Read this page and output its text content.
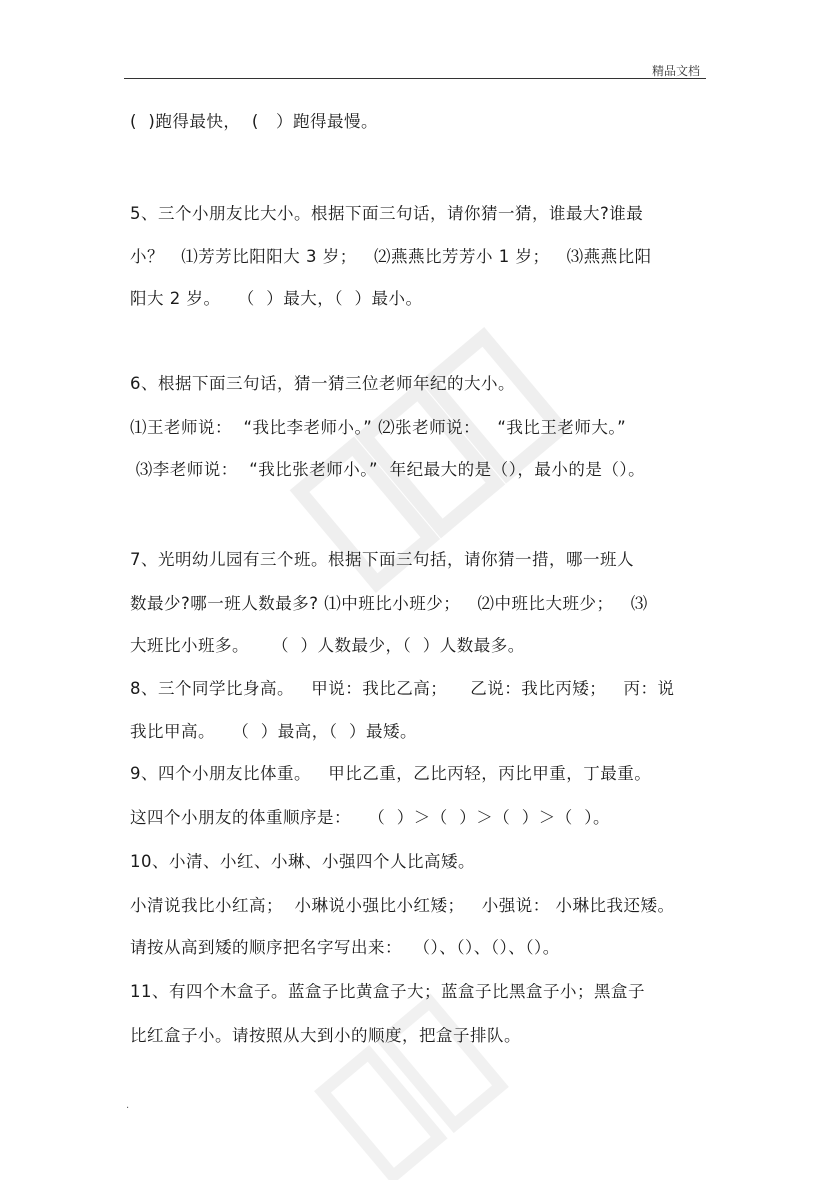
精品文档
(  )跑得最快，  (   ）跑得最慢。
5、三个小朋友比大小。根据下面三句话，请你猜一猜，谁最大?谁最
小？   ⑴芳芳比阳阳大 3 岁；   ⑵燕燕比芳芳小 1 岁；   ⑶燕燕比阳
阳大 2 岁。   （  ）最大，（  ）最小。
6、根据下面三句话，猜一猜三位老师年纪的大小。
⑴王老师说：  “我比李老师小。” ⑵张老师说：   “我比王老师大。”
⑶李老师说：  “我比张老师小。”  年纪最大的是（），最小的是（）。
7、光明幼儿园有三个班。根据下面三句括，请你猜一措，哪一班人
数最少?哪一班人数最多? ⑴中班比小班少；   ⑵中班比大班少；   ⑶
大班比小班多。    （  ）人数最少，（  ）人数最多。
8、三个同学比身高。   甲说：我比乙高；    乙说：我比丙矮；   丙：说
我比甲高。   （  ）最高，（  ）最矮。
9、四个小朋友比体重。   甲比乙重，乙比丙轻，丙比甲重，丁最重。
这四个小朋友的体重顺序是：   （  ）＞（  ）＞（  ）＞（  ）。
10、小清、小红、小琳、小强四个人比高矮。
小清说我比小红高；  小琳说小强比小红矮；   小强说： 小琳比我还矮。
请按从高到矮的顺序把名字写出来：  （）、（）、（）、（）。
11、有四个木盒子。蓝盒子比黄盒子大；蓝盒子比黑盒子小；黑盒子
比红盒子小。请按照从大到小的顺度，把盒子排队。
.
